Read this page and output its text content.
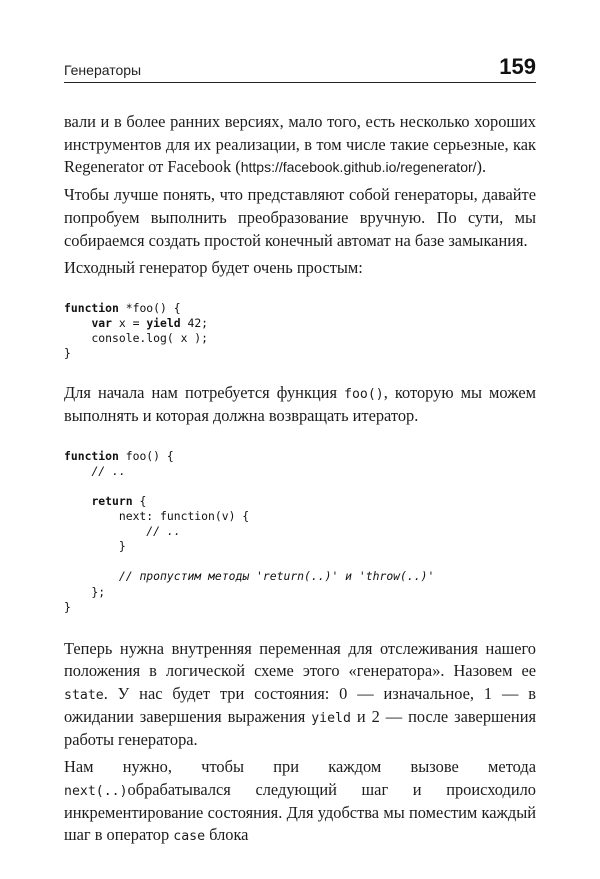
Генераторы	159

вали и в более ранних версиях, мало того, есть несколько хороших инструментов для их реализации, в том числе такие серьезные, как Regenerator от Facebook (https://facebook.github.io/regenerator/).

Чтобы лучше понять, что представляют собой генераторы, давайте попробуем выполнить преобразование вручную. По сути, мы собираемся создать простой конечный автомат на базе замыкания.

Исходный генератор будет очень простым:

function *foo() {
var x = yield 42;
console.log( x );
}

Для начала нам потребуется функция foo(), которую мы можем выполнять и которая должна возвращать итератор.

function foo() {
// ..

return {
next: function(v) {
// ..
}

// пропустим методы 'return(..)' и 'throw(..)'
};
}

Теперь нужна внутренняя переменная для отслеживания нашего положения в логической схеме этого «генератора». Назовем ее state. У нас будет три состояния: 0 — изначальное, 1 — в ожидании завершения выражения yield и 2 — после завершения работы генератора.

Нам нужно, чтобы при каждом вызове метода next(..)обрабатывался следующий шаг и происходило инкрементирование состояния. Для удобства мы поместим каждый шаг в оператор case блока
